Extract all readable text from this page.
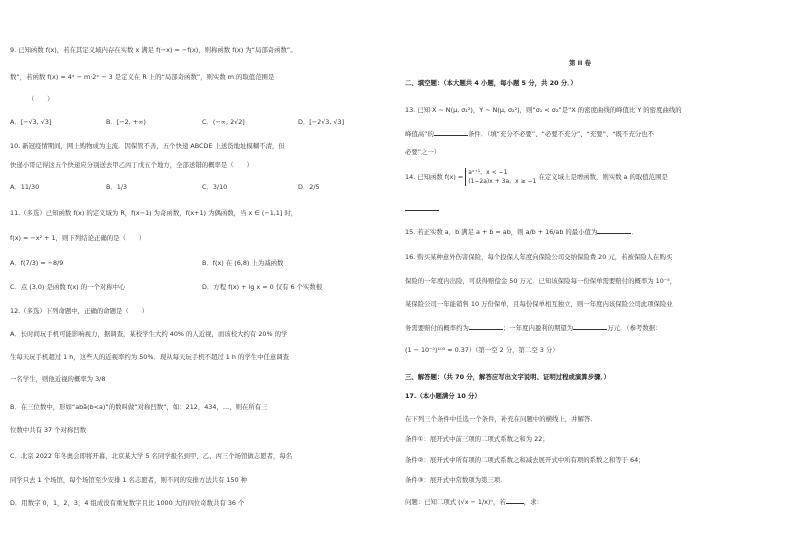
9. 已知函数 f(x)，若在其定义域内存在实数 x 满足 f(−x) = −f(x)，则称函数 f(x) 为“局部奇函数”。
数”，若函数 f(x) = 4ˣ − m·2ˣ − 3 是定义在 R 上的“局部奇函数”，则实数 m 的取值范围是
（　　）
A．[−√3, √3]	B．[−2, +∞)	C．(−∞, 2√2]	D．[−2√3, √3]
10. 新冠疫情期间，网上购物成为主流．因保管不善，五个快递 ABCDE 上送货地址模糊不清，但
快递小哥记得这五个快递应分别送去甲乙丙丁戊五个地方，全部送错的概率是（　　）
A．11/30	B．1/3	C．3/10	D．2/5
11.（多选）已知函数 f(x) 的定义域为 R，f(x−1) 为奇函数，f(x+1) 为偶函数，当 x ∈ (−1,1] 时，
f(x) = −x² + 1，则下列结论正确的是（　　）
A．f(7/3) = −8/9	B．f(x) 在 (6,8) 上为减函数
C．点 (3,0) 是函数 f(x) 的一个对称中心	D．方程 f(x) + lg x = 0 仅有 6 个实数根
12.（多选）下列命题中，正确的命题是（　　）
A．长时间玩手机可能影响视力，据调查，某校学生大约 40% 的人近视，而该校大约有 20% 的学
生每天玩手机超过 1 h，这些人的近视率约为 50%．现从每天玩手机不超过 1 h 的学生中任意调查
一名学生，则他近视的概率为 3/8
B．在三位数中，形如“abā(b<a)”的数叫做“对称凹数”，如：212，434，…，则在所有三
位数中共有 37 个对称凹数
C．北京 2022 年冬奥会即将开幕，北京某大学 5 名同学报名到甲、乙、丙三个场馆做志愿者，每名
同学只去 1 个场馆，每个场馆至少安排 1 名志愿者，则不同的安排方法共有 150 种
D．用数字 0，1，2，3，4 组成没有重复数字且比 1000 大的四位奇数共有 36 个
第 II 卷
二、填空题：（本大题共 4 小题，每小题 5 分，共 20 分．）
13. 已知 X ~ N(μ, σ₁²)，Y ~ N(μ, σ₂²)，则“σ₁ < σ₂”是“X 的密度曲线的峰值比 Y 的密度曲线的
峰值高”的	条件．（填“充分不必要”、“必要不充分”、“充要”、“既不充分也不
必要”之一）
14. 已知函数 f(x) =
aˣ⁺¹，x < −1
(1−2a)x + 3a，x ≥ −1
在定义域上是增函数，则实数 a 的取值范围是
15. 若正实数 a，b 满足 a + b = ab，则 a/b + 16/ab 的最小值为	．
16. 购买某种意外伤害保险，每个投保人年度向保险公司交纳保险费 20 元，若被保险人在购买
保险的一年度内出险，可获得赔偿金 50 万元．已知该保险每一份保单需要赔付的概率为 10⁻⁵，
某保险公司一年能销售 10 万份保单，且每份保单相互独立，则一年度内该保险公司此项保险业
务需要赔付的概率约为	；一年度内盈利的期望为	万元．（参考数据：
(1 − 10⁻⁵)¹⁰⁵ ≈ 0.37）（第一空 2 分，第二空 3 分）
三、解答题：（共 70 分，解答应写出文字说明、证明过程或演算步骤．）
17.（本小题满分 10 分）
在下列三个条件中任选一个条件，补充在问题中的横线上，并解答．
条件①：展开式中前三项的二项式系数之和为 22；
条件②：展开式中所有项的二项式系数之和减去展开式中所有项的系数之和等于 64；
条件③：展开式中常数项为第三项．
问题：已知二项式 (√x − 1/x)ⁿ，若	，求：
